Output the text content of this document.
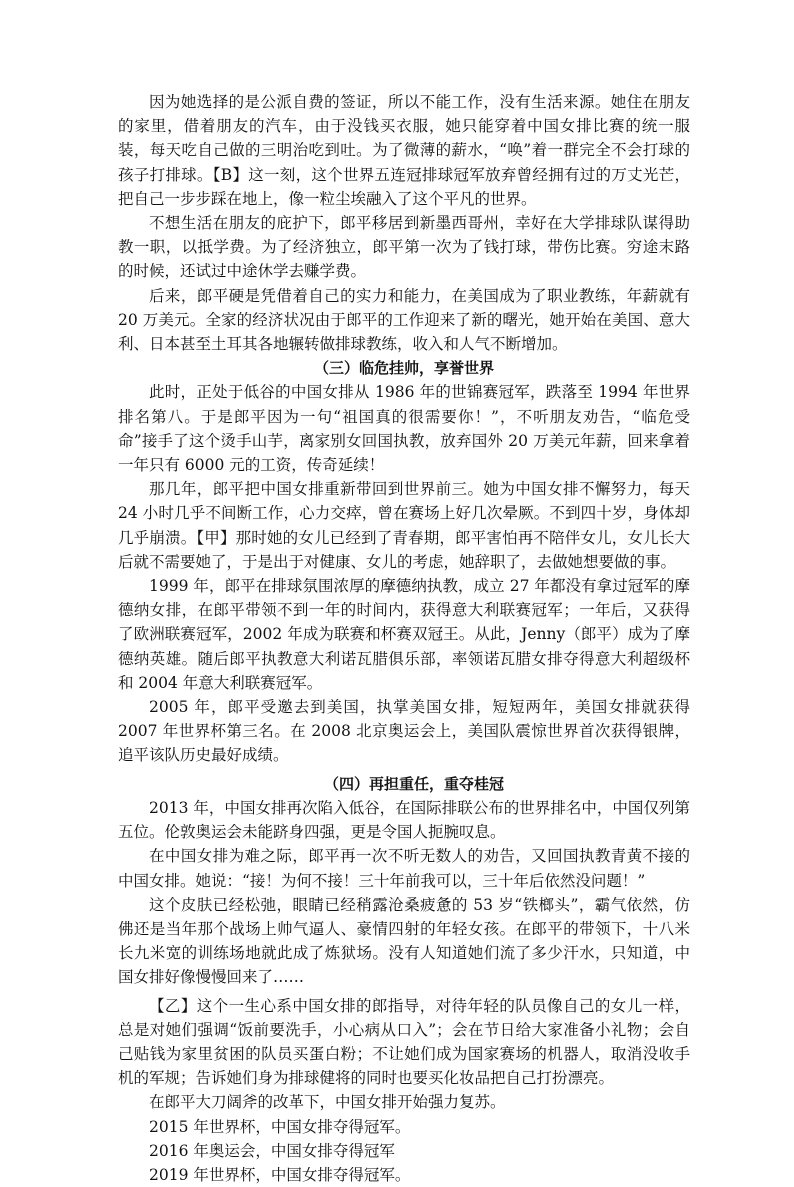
因为她选择的是公派自费的签证，所以不能工作，没有生活来源。她住在朋友的家里，借着朋友的汽车，由于没钱买衣服，她只能穿着中国女排比赛的统一服装，每天吃自己做的三明治吃到吐。为了微薄的薪水，“唤”着一群完全不会打球的孩子打排球。【B】这一刻，这个世界五连冠排球冠军放弃曾经拥有过的万丈光芒，把自己一步步踩在地上，像一粒尘埃融入了这个平凡的世界。

不想生活在朋友的庇护下，郎平移居到新墨西哥州，幸好在大学排球队谋得助教一职，以抵学费。为了经济独立，郎平第一次为了钱打球，带伤比赛。穷途末路的时候，还试过中途休学去赚学费。

后来，郎平硬是凭借着自己的实力和能力，在美国成为了职业教练，年薪就有 20 万美元。全家的经济状况由于郎平的工作迎来了新的曙光，她开始在美国、意大利、日本甚至土耳其各地辗转做排球教练，收入和人气不断增加。

（三）临危挂帅，享誉世界

此时，正处于低谷的中国女排从 1986 年的世锦赛冠军，跌落至 1994 年世界排名第八。于是郎平因为一句“祖国真的很需要你！”，不听朋友劝告，“临危受命”接手了这个烫手山芋，离家别女回国执教，放弃国外 20 万美元年薪，回来拿着一年只有 6000 元的工资，传奇延续！

那几年，郎平把中国女排重新带回到世界前三。她为中国女排不懈努力，每天 24 小时几乎不间断工作，心力交瘁，曾在赛场上好几次晕厥。不到四十岁，身体却几乎崩溃。【甲】那时她的女儿已经到了青春期，郎平害怕再不陪伴女儿，女儿长大后就不需要她了，于是出于对健康、女儿的考虑，她辞职了，去做她想要做的事。

1999 年，郎平在排球氛围浓厚的摩德纳执教，成立 27 年都没有拿过冠军的摩德纳女排，在郎平带领不到一年的时间内，获得意大利联赛冠军；一年后，又获得了欧洲联赛冠军，2002 年成为联赛和杯赛双冠王。从此，Jenny（郎平）成为了摩德纳英雄。随后郎平执教意大利诺瓦腊俱乐部，率领诺瓦腊女排夺得意大利超级杯和 2004 年意大利联赛冠军。

2005 年，郎平受邀去到美国，执掌美国女排，短短两年，美国女排就获得 2007 年世界杯第三名。在 2008 北京奥运会上，美国队震惊世界首次获得银牌，追平该队历史最好成绩。

（四）再担重任，重夺桂冠

2013 年，中国女排再次陷入低谷，在国际排联公布的世界排名中，中国仅列第五位。伦敦奥运会未能跻身四强，更是令国人扼腕叹息。

在中国女排为难之际，郎平再一次不听无数人的劝告，又回国执教青黄不接的中国女排。她说：“接！为何不接！三十年前我可以，三十年后依然没问题！”

这个皮肤已经松弛，眼睛已经稍露沧桑疲惫的 53 岁“铁榔头”，霸气依然，仿佛还是当年那个战场上帅气逼人、豪情四射的年轻女孩。在郎平的带领下，十八米长九米宽的训练场地就此成了炼狱场。没有人知道她们流了多少汗水，只知道，中国女排好像慢慢回来了……

【乙】这个一生心系中国女排的郎指导，对待年轻的队员像自己的女儿一样，总是对她们强调“饭前要洗手，小心病从口入”；会在节日给大家准备小礼物；会自己贴钱为家里贫困的队员买蛋白粉；不让她们成为国家赛场的机器人，取消没收手机的军规；告诉她们身为排球健将的同时也要买化妆品把自己打扮漂亮。

在郎平大刀阔斧的改革下，中国女排开始强力复苏。

2015 年世界杯，中国女排夺得冠军。

2016 年奥运会，中国女排夺得冠军

2019 年世界杯，中国女排夺得冠军。
